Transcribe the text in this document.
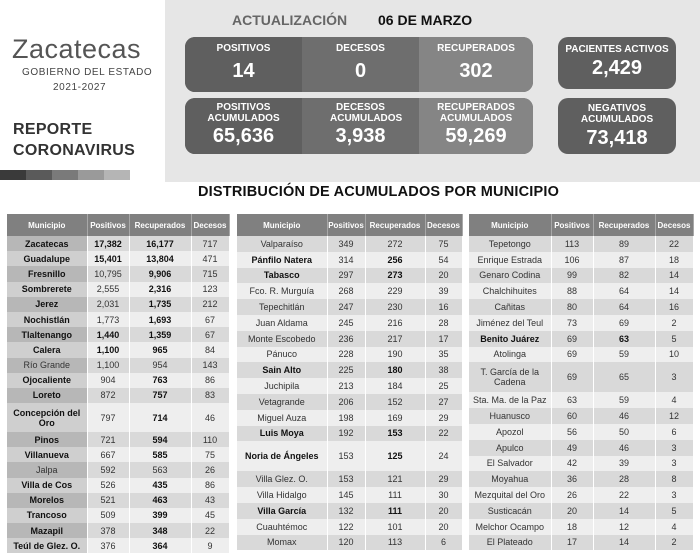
Zacatecas
GOBIERNO DEL ESTADO
2021-2027
REPORTE
CORONAVIRUS
ACTUALIZACIÓN 06 DE MARZO
POSITIVOS
14
DECESOS
0
RECUPERADOS
302
POSITIVOS ACUMULADOS
65,636
DECESOS ACUMULADOS
3,938
RECUPERADOS ACUMULADOS
59,269
PACIENTES ACTIVOS
2,429
NEGATIVOS ACUMULADOS
73,418
DISTRIBUCIÓN DE ACUMULADOS POR MUNICIPIO
Municipio	Positivos	Recuperados	Decesos
Zacatecas	17,382	16,177	717
Guadalupe	15,401	13,804	471
Fresnillo	10,795	9,906	715
Sombrerete	2,555	2,316	123
Jerez	2,031	1,735	212
Nochistlán	1,773	1,693	67
Tlaltenango	1,440	1,359	67
Calera	1,100	965	84
Río Grande	1,100	954	143
Ojocaliente	904	763	86
Loreto	872	757	83
Concepción del Oro	797	714	46
Pinos	721	594	110
Villanueva	667	585	75
Jalpa	592	563	26
Villa de Cos	526	435	86
Morelos	521	463	43
Trancoso	509	399	45
Mazapil	378	348	22
Teúl de Glez. O.	376	364	9
Municipio	Positivos	Recuperados	Decesos
Valparaíso	349	272	75
Pánfilo Natera	314	256	54
Tabasco	297	273	20
Fco. R. Murguía	268	229	39
Tepechitlán	247	230	16
Juan Aldama	245	216	28
Monte Escobedo	236	217	17
Pánuco	228	190	35
Sain Alto	225	180	38
Juchipila	213	184	25
Vetagrande	206	152	27
Miguel Auza	198	169	29
Luis Moya	192	153	22
Noria de Ángeles	153	125	24
Villa Glez. O.	153	121	29
Villa Hidalgo	145	111	30
Villa García	132	111	20
Cuauhtémoc	122	101	20
Momax	120	113	6
Municipio	Positivos	Recuperados	Decesos
Tepetongo	113	89	22
Enrique Estrada	106	87	18
Genaro Codina	99	82	14
Chalchihuites	88	64	14
Cañitas	80	64	16
Jiménez del Teul	73	69	2
Benito Juárez	69	63	5
Atolinga	69	59	10
T. García de la Cadena	69	65	3
Sta. Ma. de la Paz	63	59	4
Huanusco	60	46	12
Apozol	56	50	6
Apulco	49	46	3
El Salvador	42	39	3
Moyahua	36	28	8
Mezquital del Oro	26	22	3
Susticacán	20	14	5
Melchor Ocampo	18	12	4
El Plateado	17	14	2
